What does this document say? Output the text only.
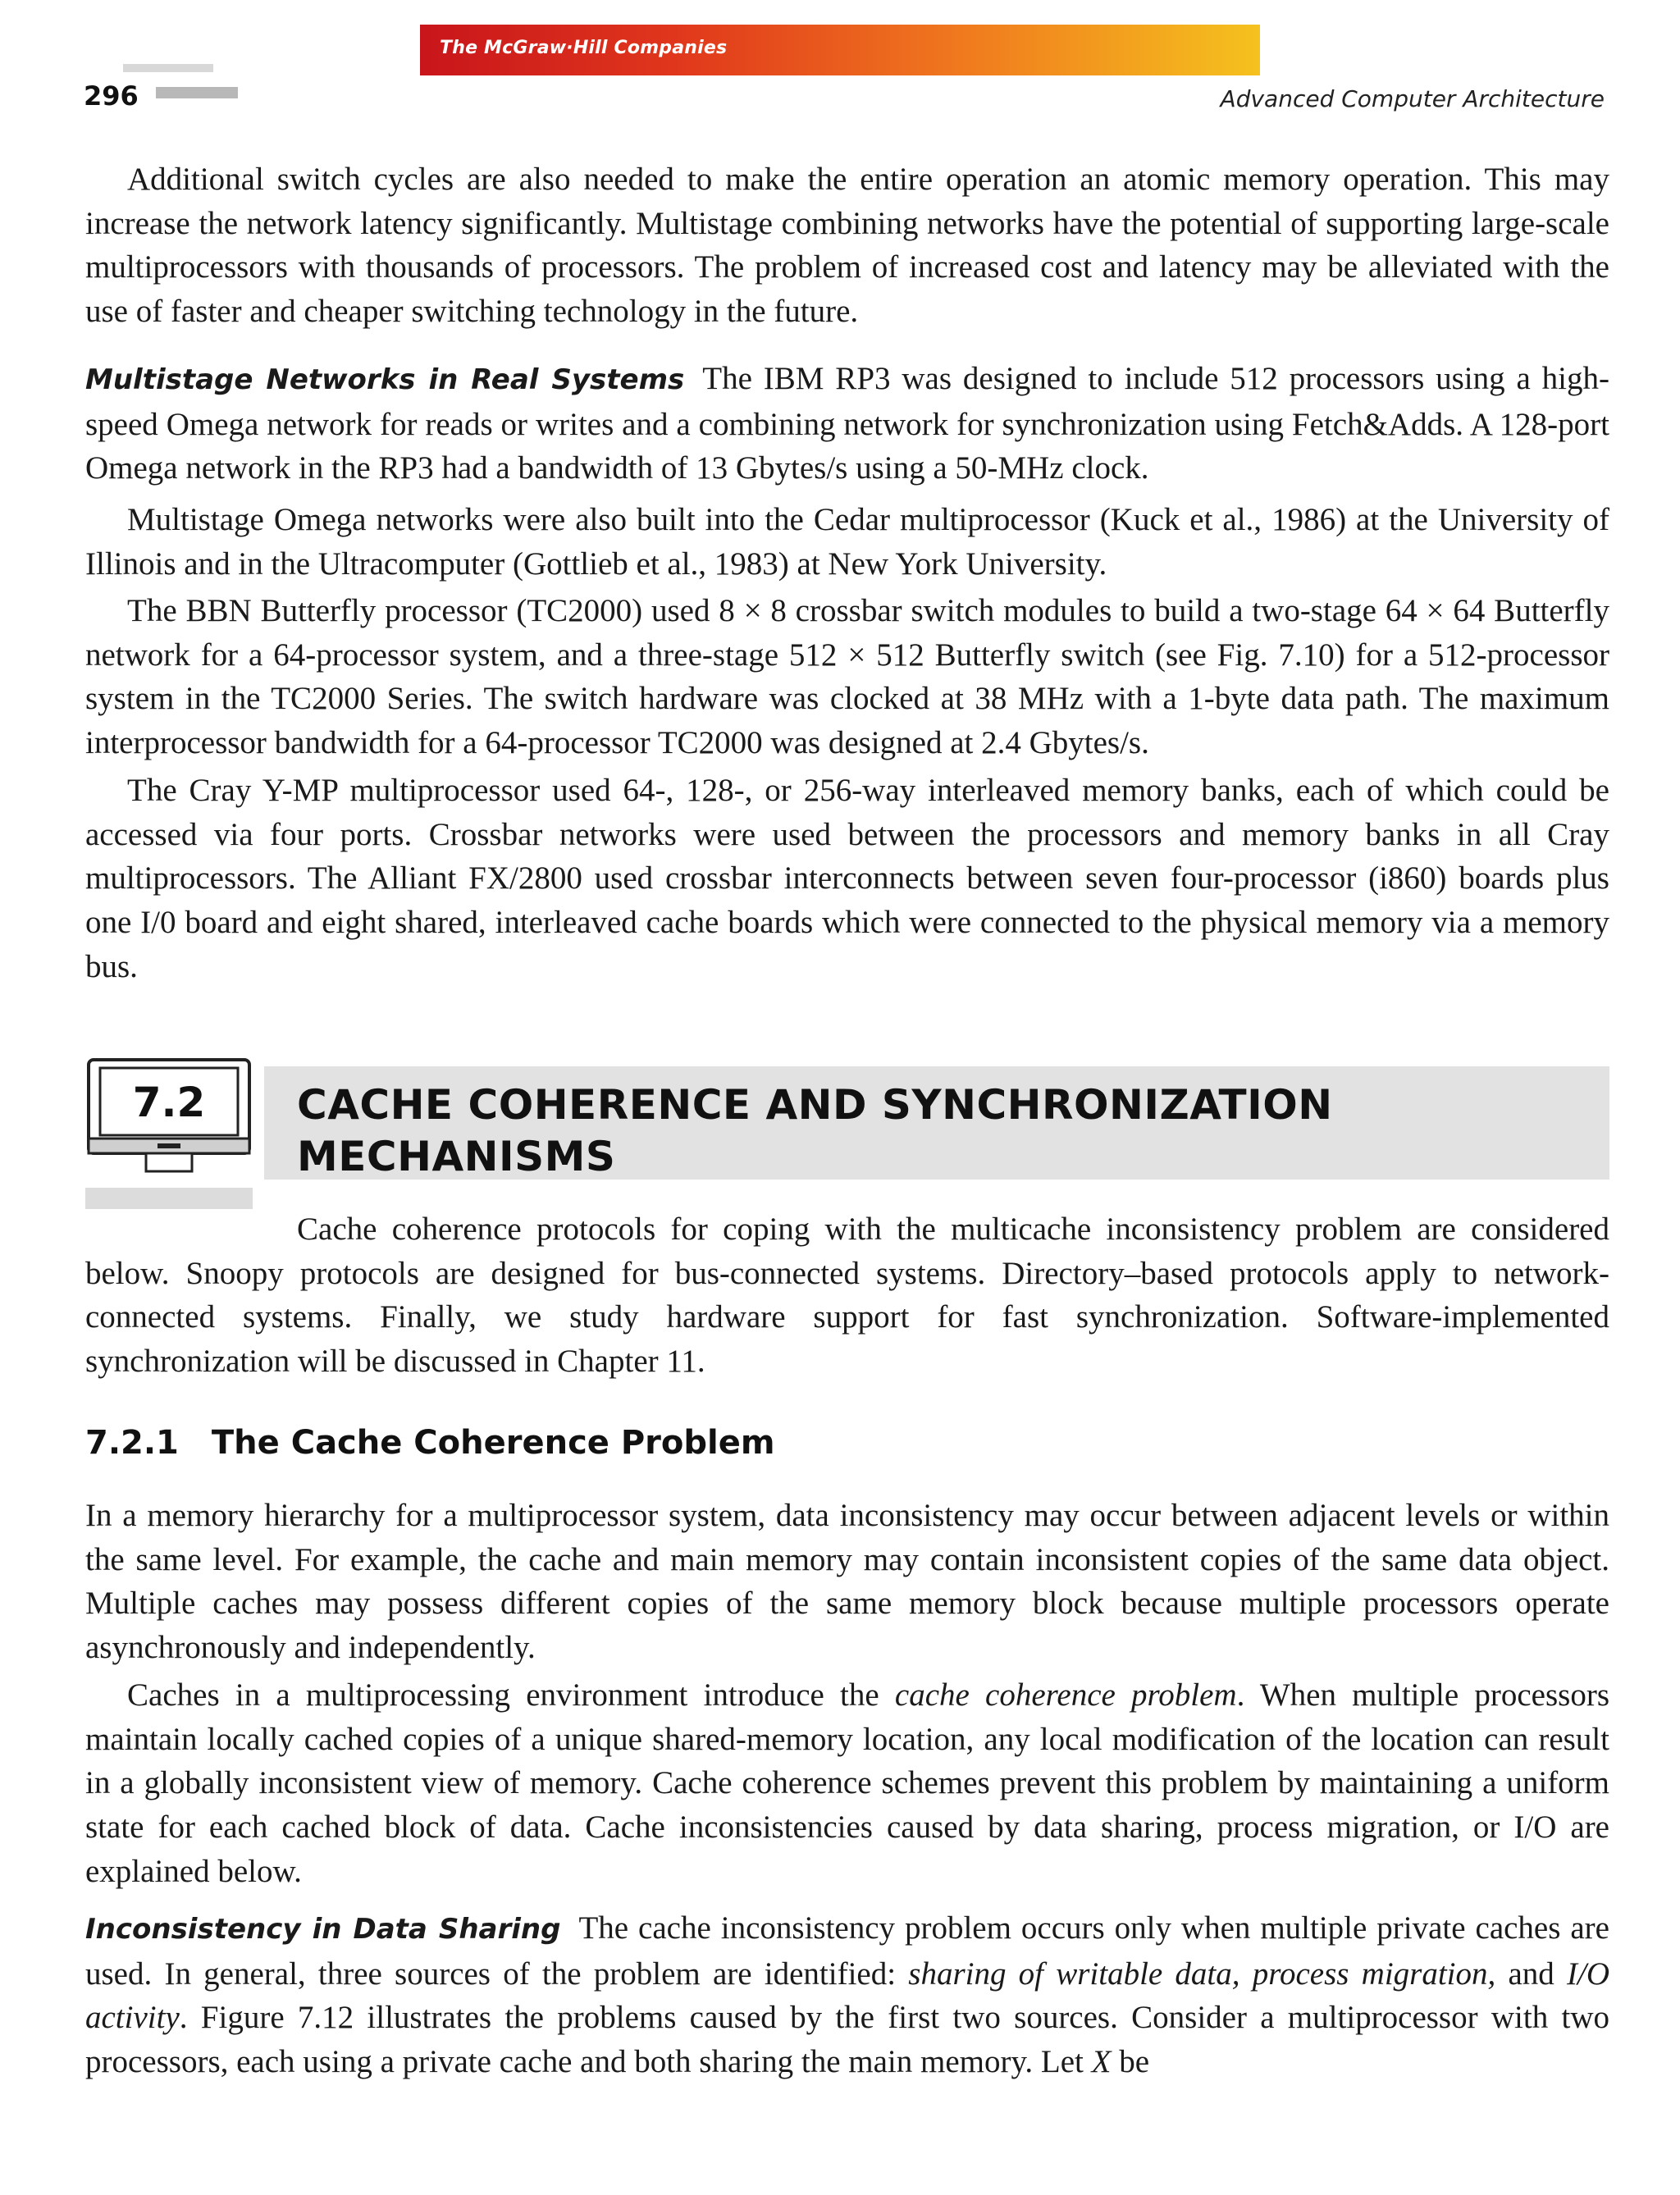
The McGraw·Hill Companies
296	Advanced Computer Architecture

Additional switch cycles are also needed to make the entire operation an atomic memory operation. This may increase the network latency significantly. Multistage combining networks have the potential of supporting large-scale multiprocessors with thousands of processors. The problem of increased cost and latency may be alleviated with the use of faster and cheaper switching technology in the future.

Multistage Networks in Real Systems The IBM RP3 was designed to include 512 processors using a high-speed Omega network for reads or writes and a combining network for synchronization using Fetch&Adds. A 128-port Omega network in the RP3 had a bandwidth of 13 Gbytes/s using a 50-MHz clock.

Multistage Omega networks were also built into the Cedar multiprocessor (Kuck et al., 1986) at the University of Illinois and in the Ultracomputer (Gottlieb et al., 1983) at New York University.

The BBN Butterfly processor (TC2000) used 8 × 8 crossbar switch modules to build a two-stage 64 × 64 Butterfly network for a 64-processor system, and a three-stage 512 × 512 Butterfly switch (see Fig. 7.10) for a 512-processor system in the TC2000 Series. The switch hardware was clocked at 38 MHz with a 1-byte data path. The maximum interprocessor bandwidth for a 64-processor TC2000 was designed at 2.4 Gbytes/s.

The Cray Y-MP multiprocessor used 64-, 128-, or 256-way interleaved memory banks, each of which could be accessed via four ports. Crossbar networks were used between the processors and memory banks in all Cray multiprocessors. The Alliant FX/2800 used crossbar interconnects between seven four-processor (i860) boards plus one I/0 board and eight shared, interleaved cache boards which were connected to the physical memory via a memory bus.

7.2 CACHE COHERENCE AND SYNCHRONIZATION
MECHANISMS

Cache coherence protocols for coping with the multicache inconsistency problem are considered below. Snoopy protocols are designed for bus-connected systems. Directory–based protocols apply to network-connected systems. Finally, we study hardware support for fast synchronization. Software-implemented synchronization will be discussed in Chapter 11.

7.2.1 The Cache Coherence Problem

In a memory hierarchy for a multiprocessor system, data inconsistency may occur between adjacent levels or within the same level. For example, the cache and main memory may contain inconsistent copies of the same data object. Multiple caches may possess different copies of the same memory block because multiple processors operate asynchronously and independently.

Caches in a multiprocessing environment introduce the cache coherence problem. When multiple processors maintain locally cached copies of a unique shared-memory location, any local modification of the location can result in a globally inconsistent view of memory. Cache coherence schemes prevent this problem by maintaining a uniform state for each cached block of data. Cache inconsistencies caused by data sharing, process migration, or I/O are explained below.

Inconsistency in Data Sharing The cache inconsistency problem occurs only when multiple private caches are used. In general, three sources of the problem are identified: sharing of writable data, process migration, and I/O activity. Figure 7.12 illustrates the problems caused by the first two sources. Consider a multiprocessor with two processors, each using a private cache and both sharing the main memory. Let X be
